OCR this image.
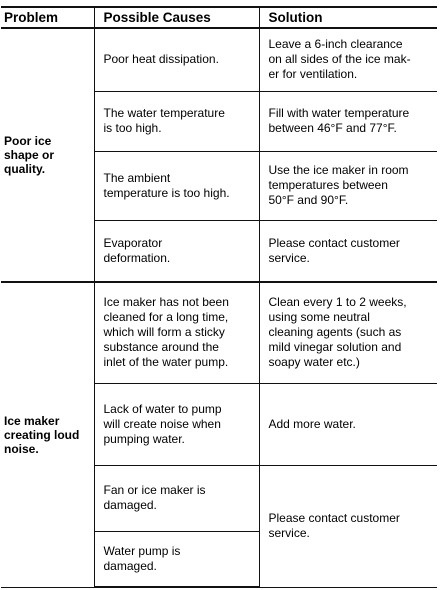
Problem	Possible Causes	Solution
Poor ice
shape or
quality.	Poor heat dissipation.	Leave a 6-inch clearance
on all sides of the ice mak-
er for ventilation.
	The water temperature
is too high.	Fill with water temperature
between 46°F and 77°F.
	The ambient
temperature is too high.	Use the ice maker in room
temperatures between
50°F and 90°F.
	Evaporator
deformation.	Please contact customer
service.
Ice maker
creating loud
noise.	Ice maker has not been
cleaned for a long time,
which will form a sticky
substance around the
inlet of the water pump.	Clean every 1 to 2 weeks,
using some neutral
cleaning agents (such as
mild vinegar solution and
soapy water etc.)
	Lack of water to pump
will create noise when
pumping water.	Add more water.
	Fan or ice maker is
damaged.	Please contact customer
service.
	Water pump is
damaged.	
